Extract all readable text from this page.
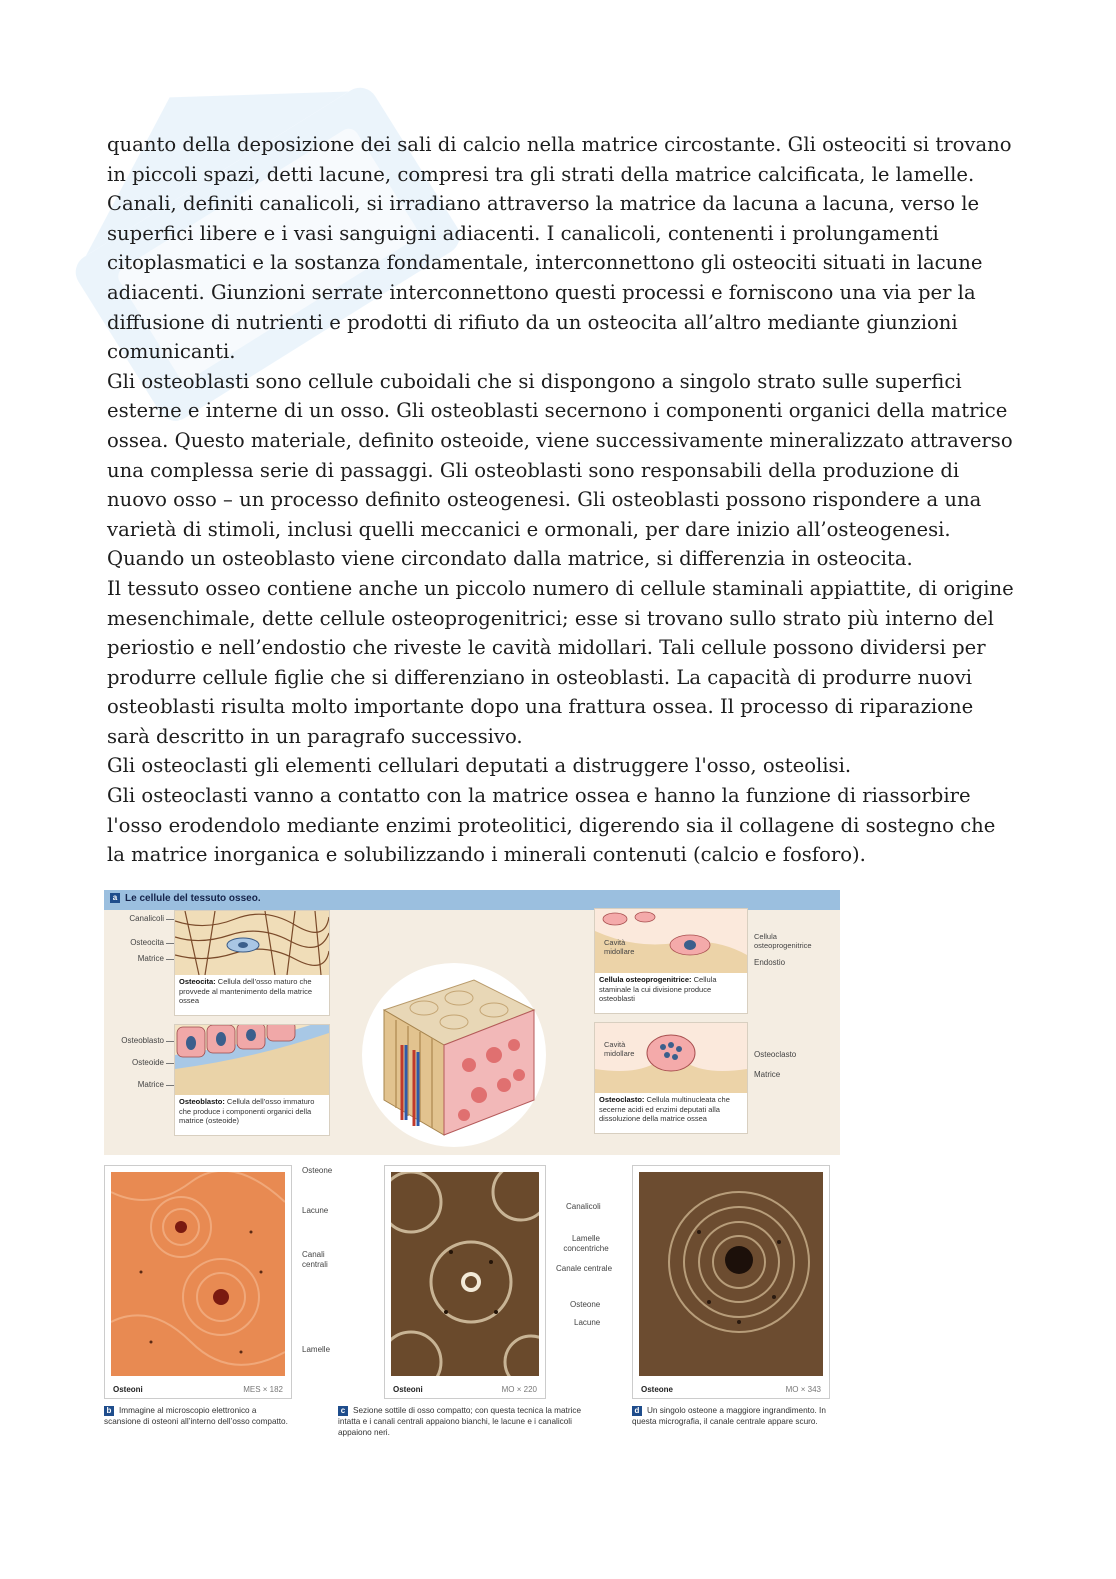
quanto della deposizione dei sali di calcio nella matrice circostante. Gli osteociti si trovano in piccoli spazi, detti lacune, compresi tra gli strati della matrice calcificata, le lamelle. Canali, definiti canalicoli, si irradiano attraverso la matrice da lacuna a lacuna, verso le superfici libere e i vasi sanguigni adiacenti. I canalicoli, contenenti i prolungamenti citoplasmatici e la sostanza fondamentale, interconnettono gli osteociti situati in lacune adiacenti. Giunzioni serrate interconnettono questi processi e forniscono una via per la diffusione di nutrienti e prodotti di rifiuto da un osteocita all’altro mediante giunzioni comunicanti.

Gli osteoblasti sono cellule cuboidali che si dispongono a singolo strato sulle superfici esterne e interne di un osso. Gli osteoblasti secernono i componenti organici della matrice ossea. Questo materiale, definito osteoide, viene successivamente mineralizzato attraverso una complessa serie di passaggi. Gli osteoblasti sono responsabili della produzione di nuovo osso – un processo definito osteogenesi. Gli osteoblasti possono rispondere a una varietà di stimoli, inclusi quelli meccanici e ormonali, per dare inizio all’osteogenesi. Quando un osteoblasto viene circondato dalla matrice, si differenzia in osteocita.

Il tessuto osseo contiene anche un piccolo numero di cellule staminali appiattite, di origine mesenchimale, dette cellule osteoprogenitrici; esse si trovano sullo strato più interno del periostio e nell’endostio che riveste le cavità midollari. Tali cellule possono dividersi per produrre cellule figlie che si differenziano in osteoblasti. La capacità di produrre nuovi osteoblasti risulta molto importante dopo una frattura ossea. Il processo di riparazione sarà descritto in un paragrafo successivo.

Gli osteoclasti gli elementi cellulari deputati a distruggere l'osso, osteolisi.

Gli osteoclasti vanno a contatto con la matrice ossea e hanno la funzione di riassorbire l'osso erodendolo mediante enzimi proteolitici, digerendo sia il collagene di sostegno che la matrice inorganica e solubilizzando i minerali contenuti (calcio e fosforo).

a Le cellule del tessuto osseo.
Canalicoli
Osteocita
Matrice
Osteocita: Cellula dell’osso maturo che provvede al mantenimento della matrice ossea
Osteoblasto
Osteoide
Matrice
Osteoblasto: Cellula dell’osso immaturo che produce i componenti organici della matrice (osteoide)
Cellula osteoprogenitrice: Cellula staminale la cui divisione produce osteoblasti
Cavità midollare
Cellula osteoprogenitrice
Endostio
Osteoclasto: Cellula multinucleata che secerne acidi ed enzimi deputati alla dissoluzione della matrice ossea
Cavità midollare	Osteoclasto
Matrice
Osteoni	MES × 182
Osteone
Lacune
Canali centrali
Lamelle
Osteoni	MO × 220
Canalicoli
Lamelle concentriche
Canale centrale
Osteone
Lacune
Osteone	MO × 343
b Immagine al microscopio elettronico a scansione di osteoni all’interno dell’osso compatto.
c Sezione sottile di osso compatto; con questa tecnica la matrice intatta e i canali centrali appaiono bianchi, le lacune e i canalicoli appaiono neri.
d Un singolo osteone a maggiore ingrandimento. In questa micrografia, il canale centrale appare scuro.
